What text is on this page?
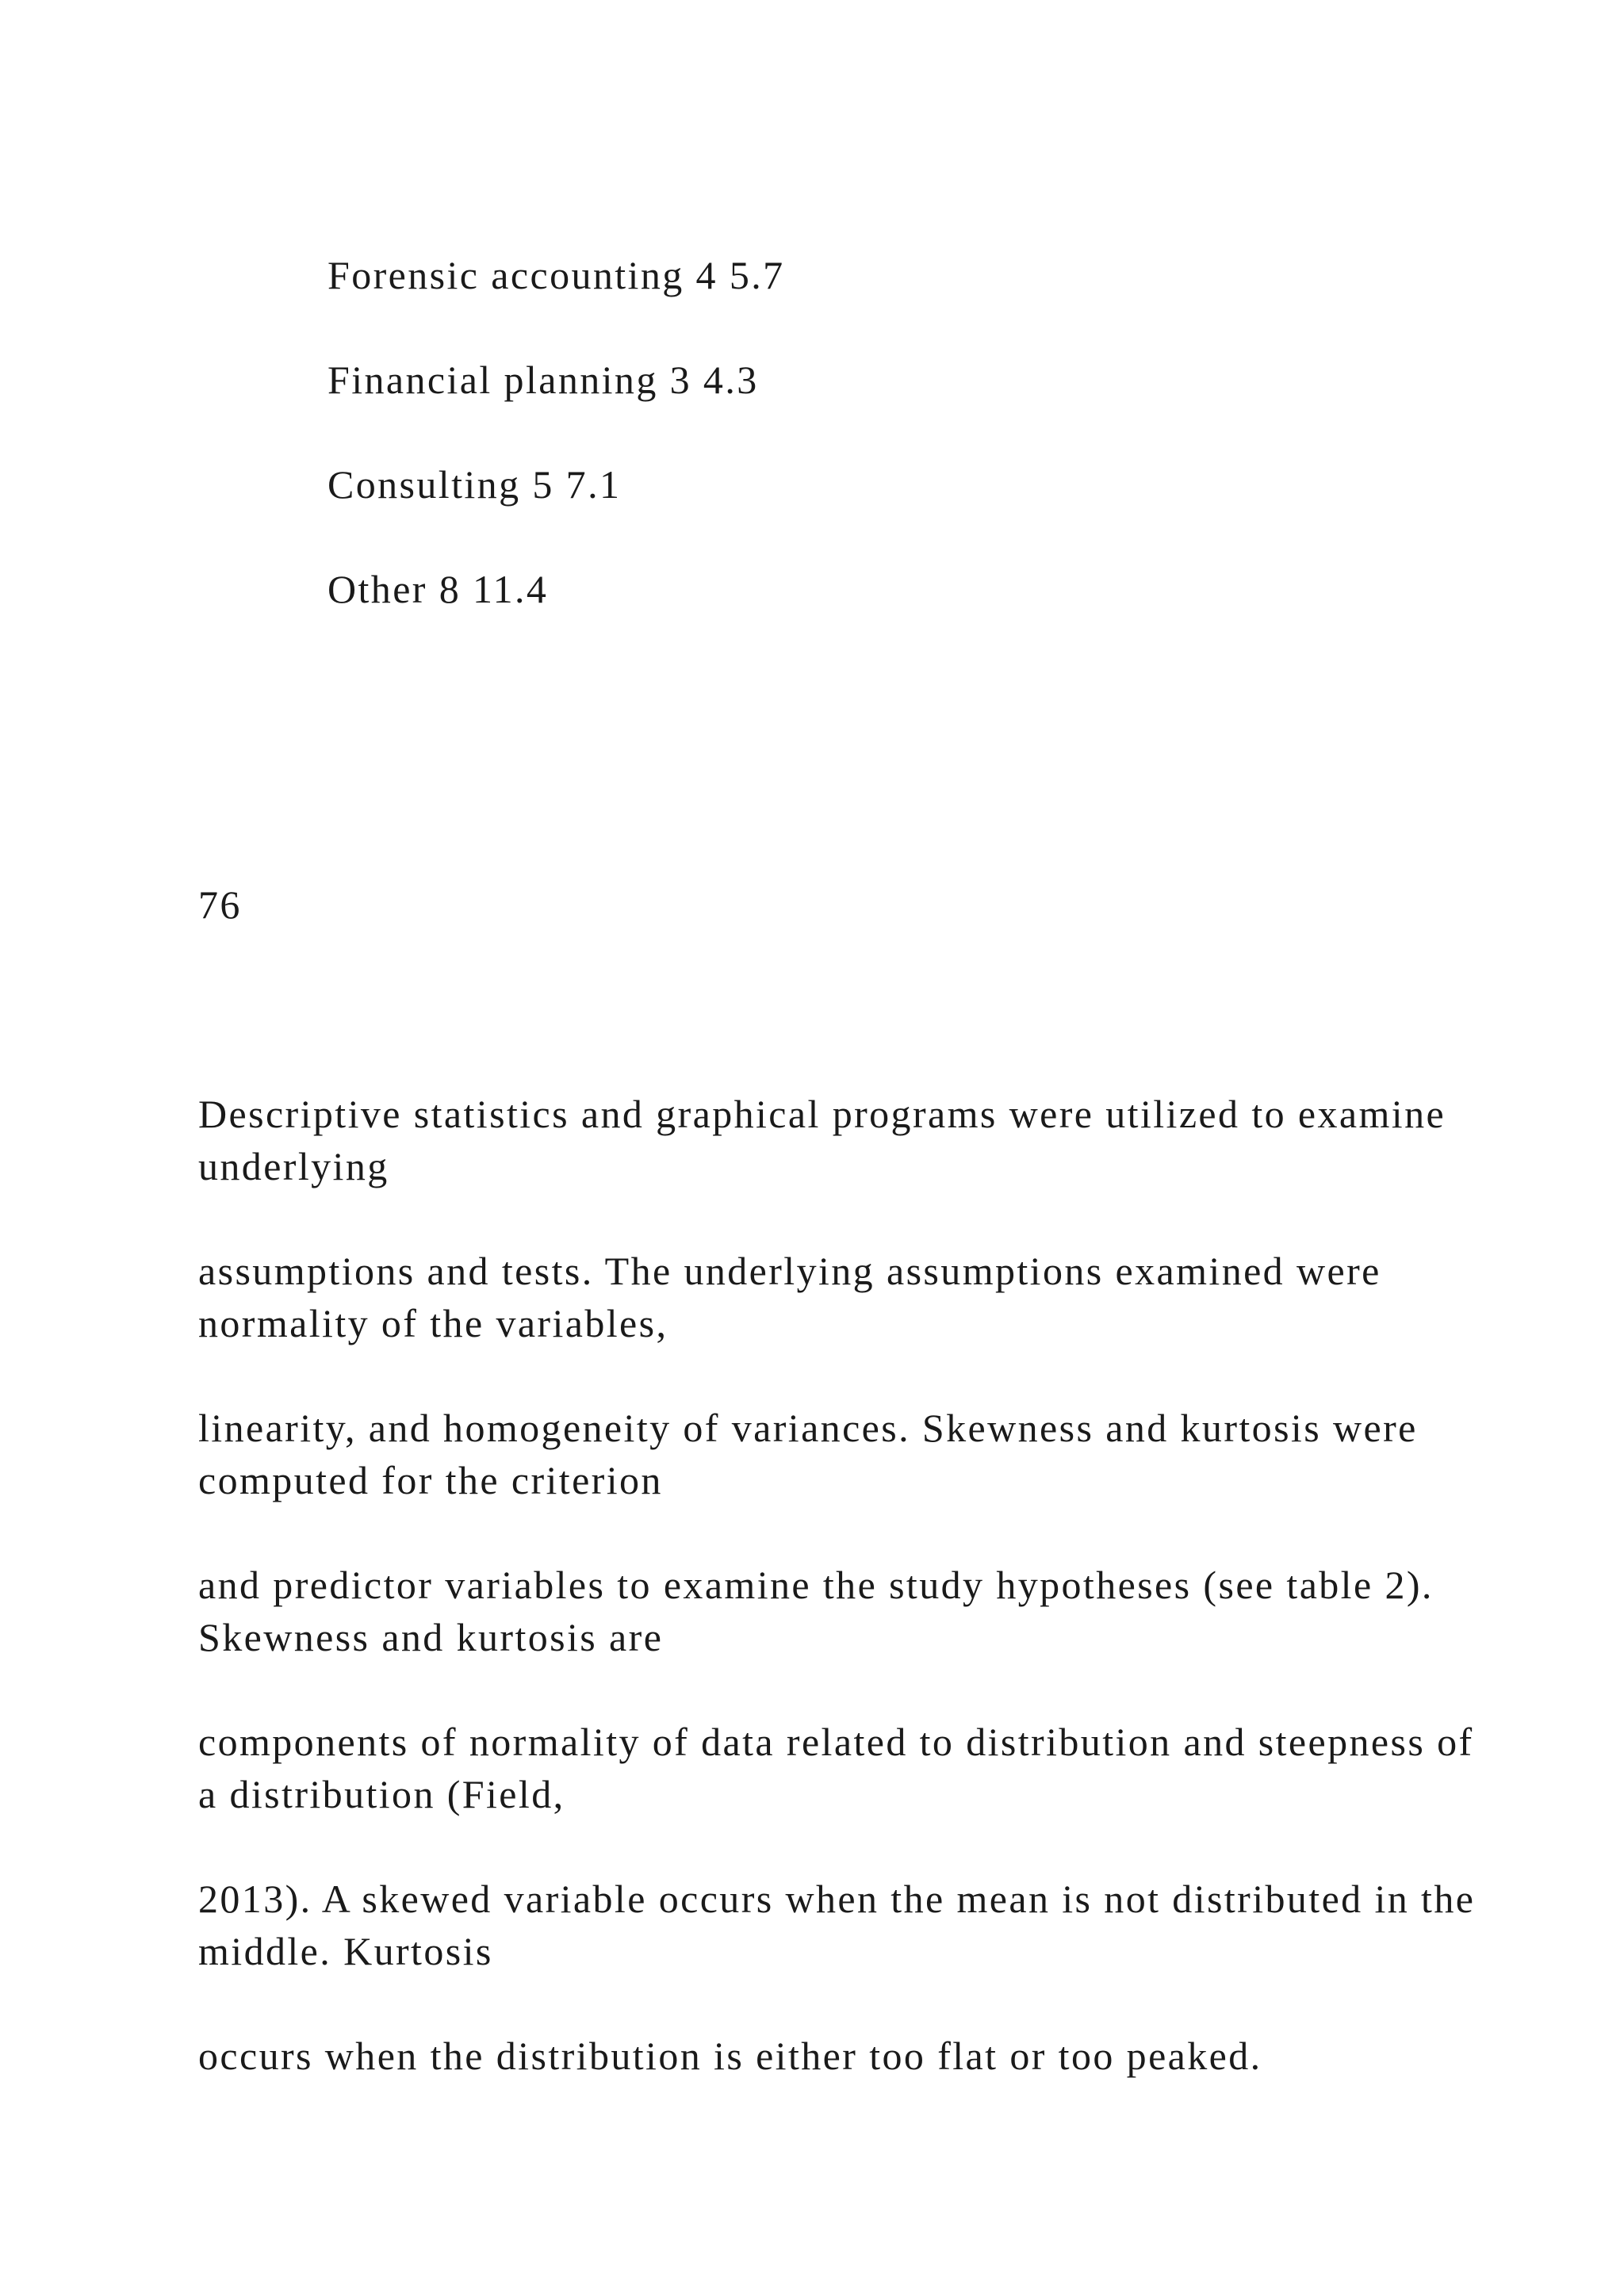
Forensic accounting 4 5.7
Financial planning 3 4.3
Consulting 5 7.1
Other 8 11.4
76
Descriptive statistics and graphical programs were utilized to examine underlying
assumptions and tests. The underlying assumptions examined were normality of the variables,
linearity, and homogeneity of variances. Skewness and kurtosis were computed for the criterion
and predictor variables to examine the study hypotheses (see table 2). Skewness and kurtosis are
components of normality of data related to distribution and steepness of a distribution (Field,
2013). A skewed variable occurs when the mean is not distributed in the middle. Kurtosis
occurs when the distribution is either too flat or too peaked.
